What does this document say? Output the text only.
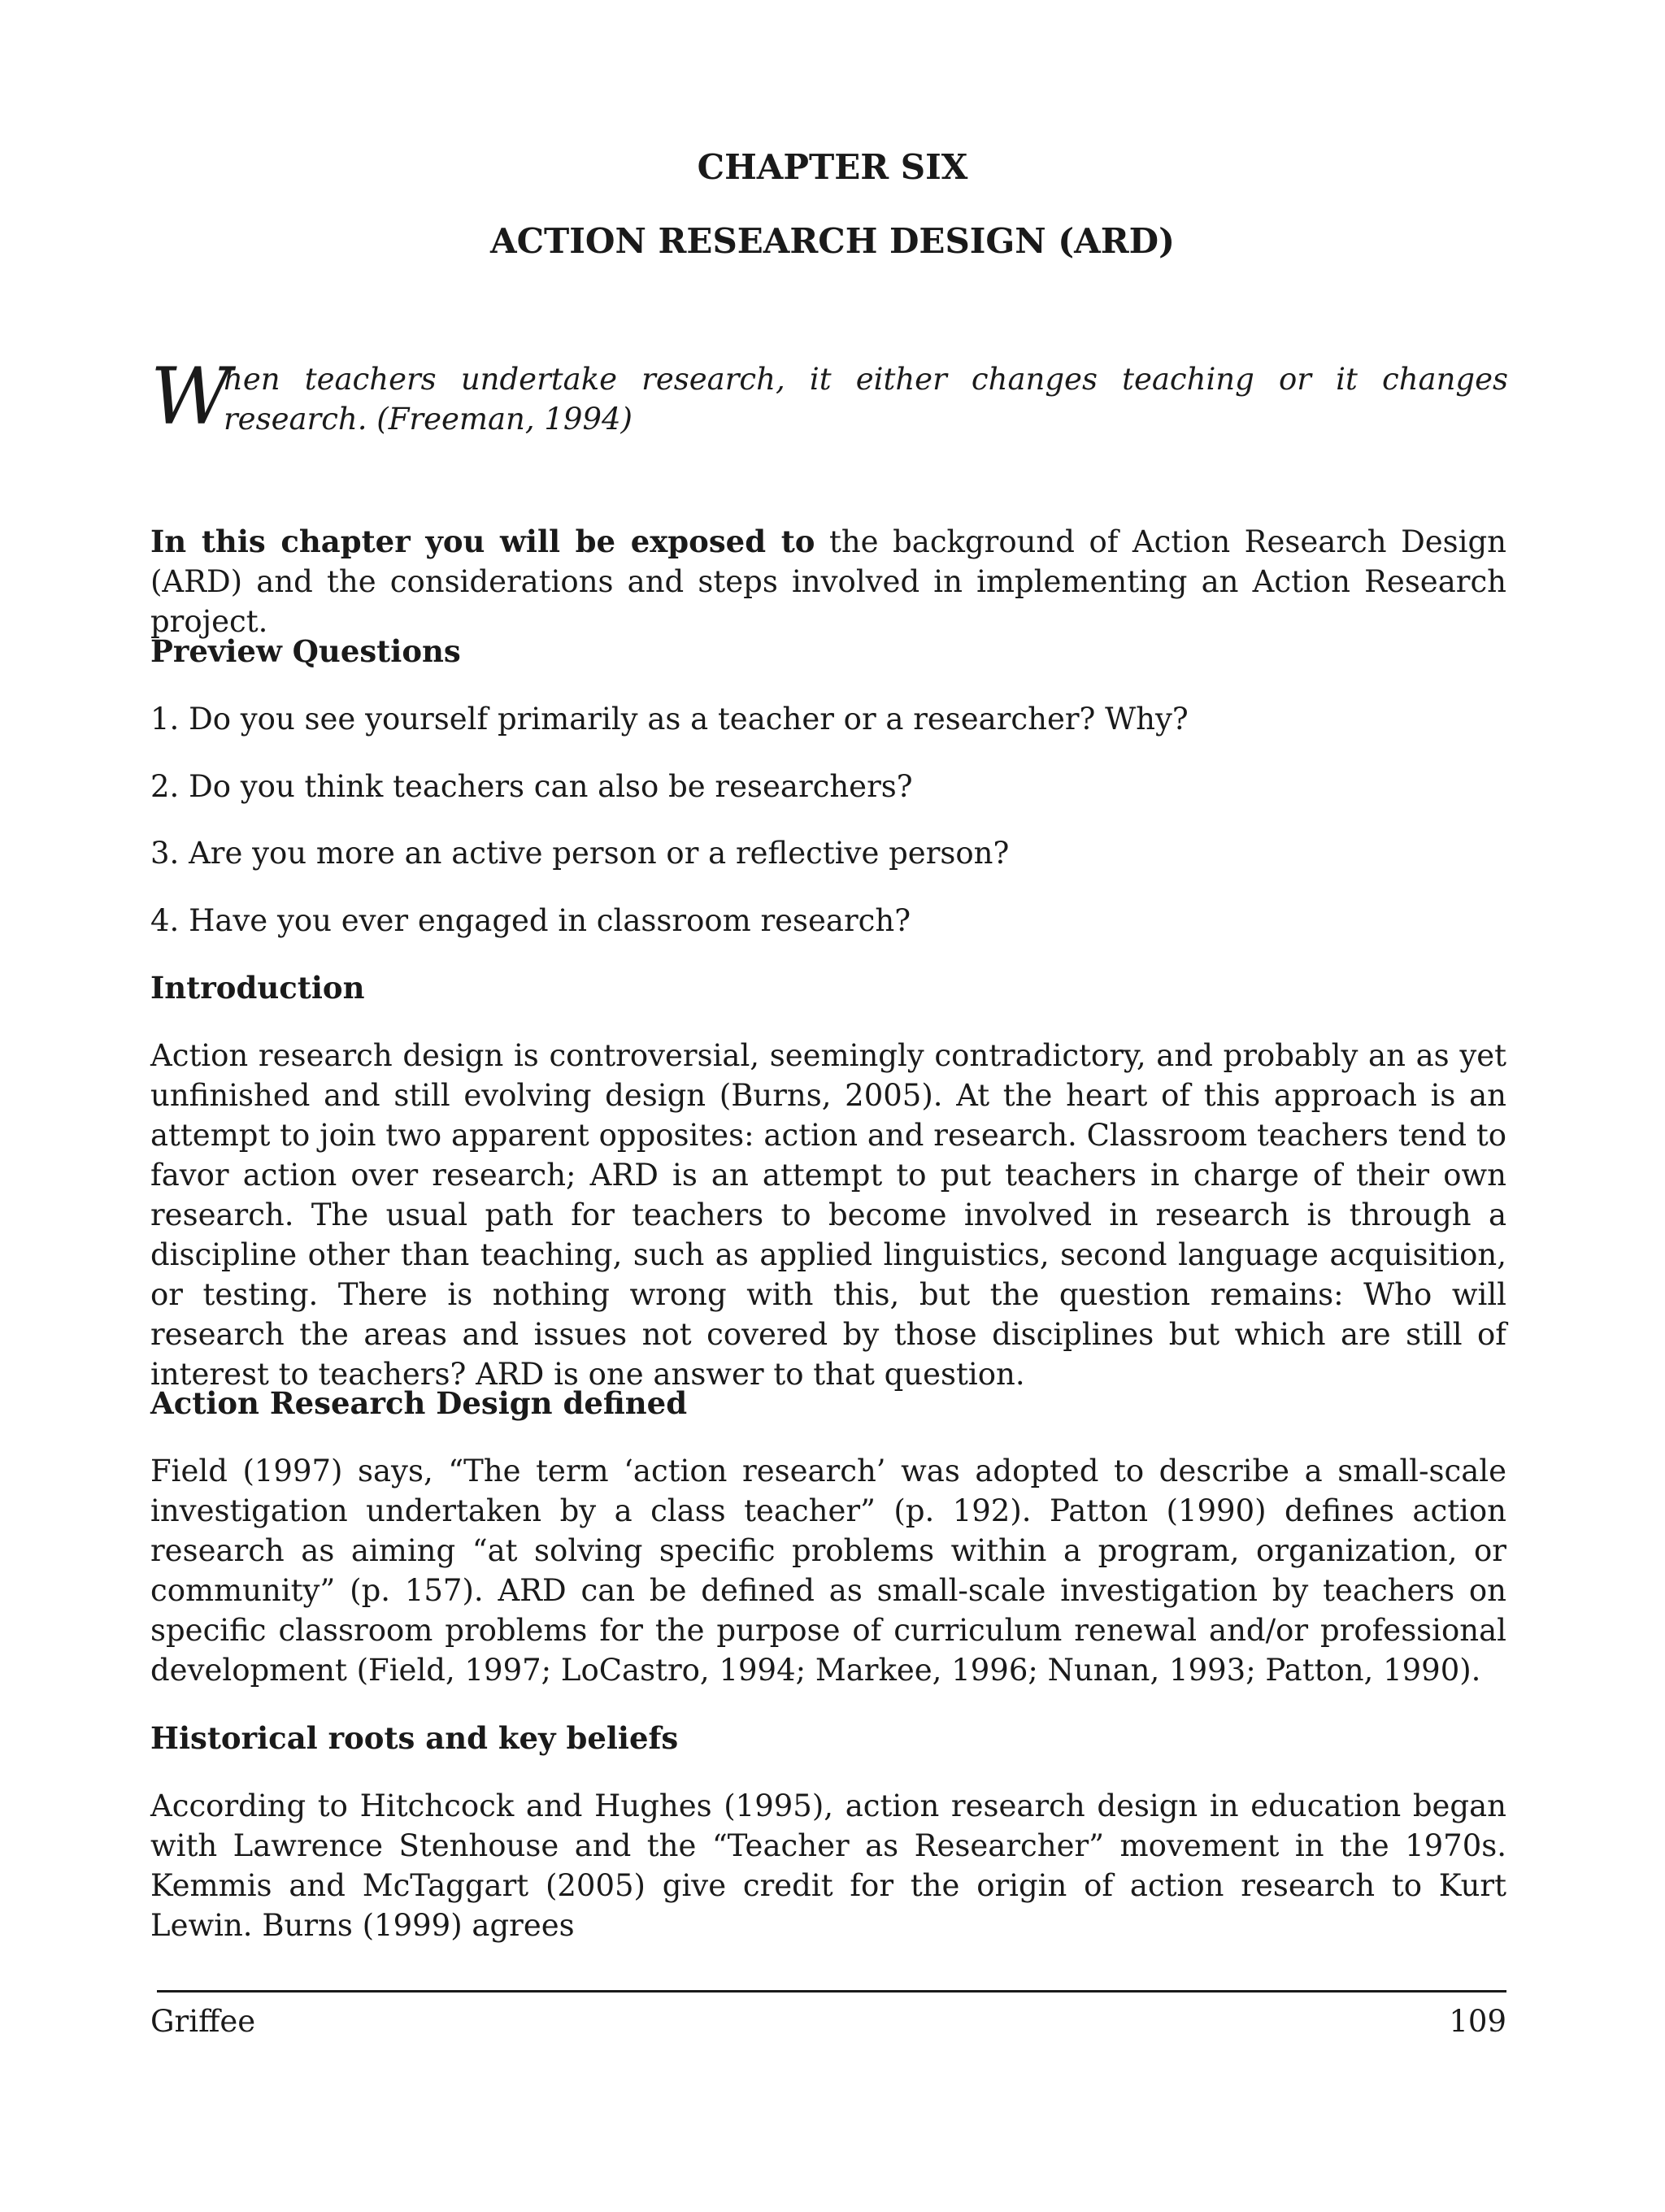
CHAPTER SIX
ACTION RESEARCH DESIGN (ARD)
W

hen teachers undertake research, it either changes teaching or it changes research. (Freeman, 1994)

In this chapter you will be exposed to the background of Action Research Design (ARD) and the considerations and steps involved in implementing an Action Research project.

Preview Questions

1. Do you see yourself primarily as a teacher or a researcher? Why?

2. Do you think teachers can also be researchers?

3. Are you more an active person or a reflective person?

4. Have you ever engaged in classroom research?

Introduction

Action research design is controversial, seemingly contradictory, and probably an as yet unfinished and still evolving design (Burns, 2005). At the heart of this approach is an attempt to join two apparent opposites: action and research. Classroom teachers tend to favor action over research; ARD is an attempt to put teachers in charge of their own research. The usual path for teachers to become involved in research is through a discipline other than teaching, such as applied linguistics, second language acquisition, or testing. There is nothing wrong with this, but the question remains: Who will research the areas and issues not covered by those disciplines but which are still of interest to teachers? ARD is one answer to that question.

Action Research Design defined

Field (1997) says, “The term ‘action research’ was adopted to describe a small-scale investigation undertaken by a class teacher” (p. 192). Patton (1990) defines action research as aiming “at solving specific problems within a program, organization, or community” (p. 157). ARD can be defined as small-scale investigation by teachers on specific classroom problems for the purpose of curriculum renewal and/or professional development (Field, 1997; LoCastro, 1994; Markee, 1996; Nunan, 1993; Patton, 1990).

Historical roots and key beliefs

According to Hitchcock and Hughes (1995), action research design in education began with Lawrence Stenhouse and the “Teacher as Researcher” movement in the 1970s. Kemmis and McTaggart (2005) give credit for the origin of action research to Kurt Lewin. Burns (1999) agrees

Griffee	109
